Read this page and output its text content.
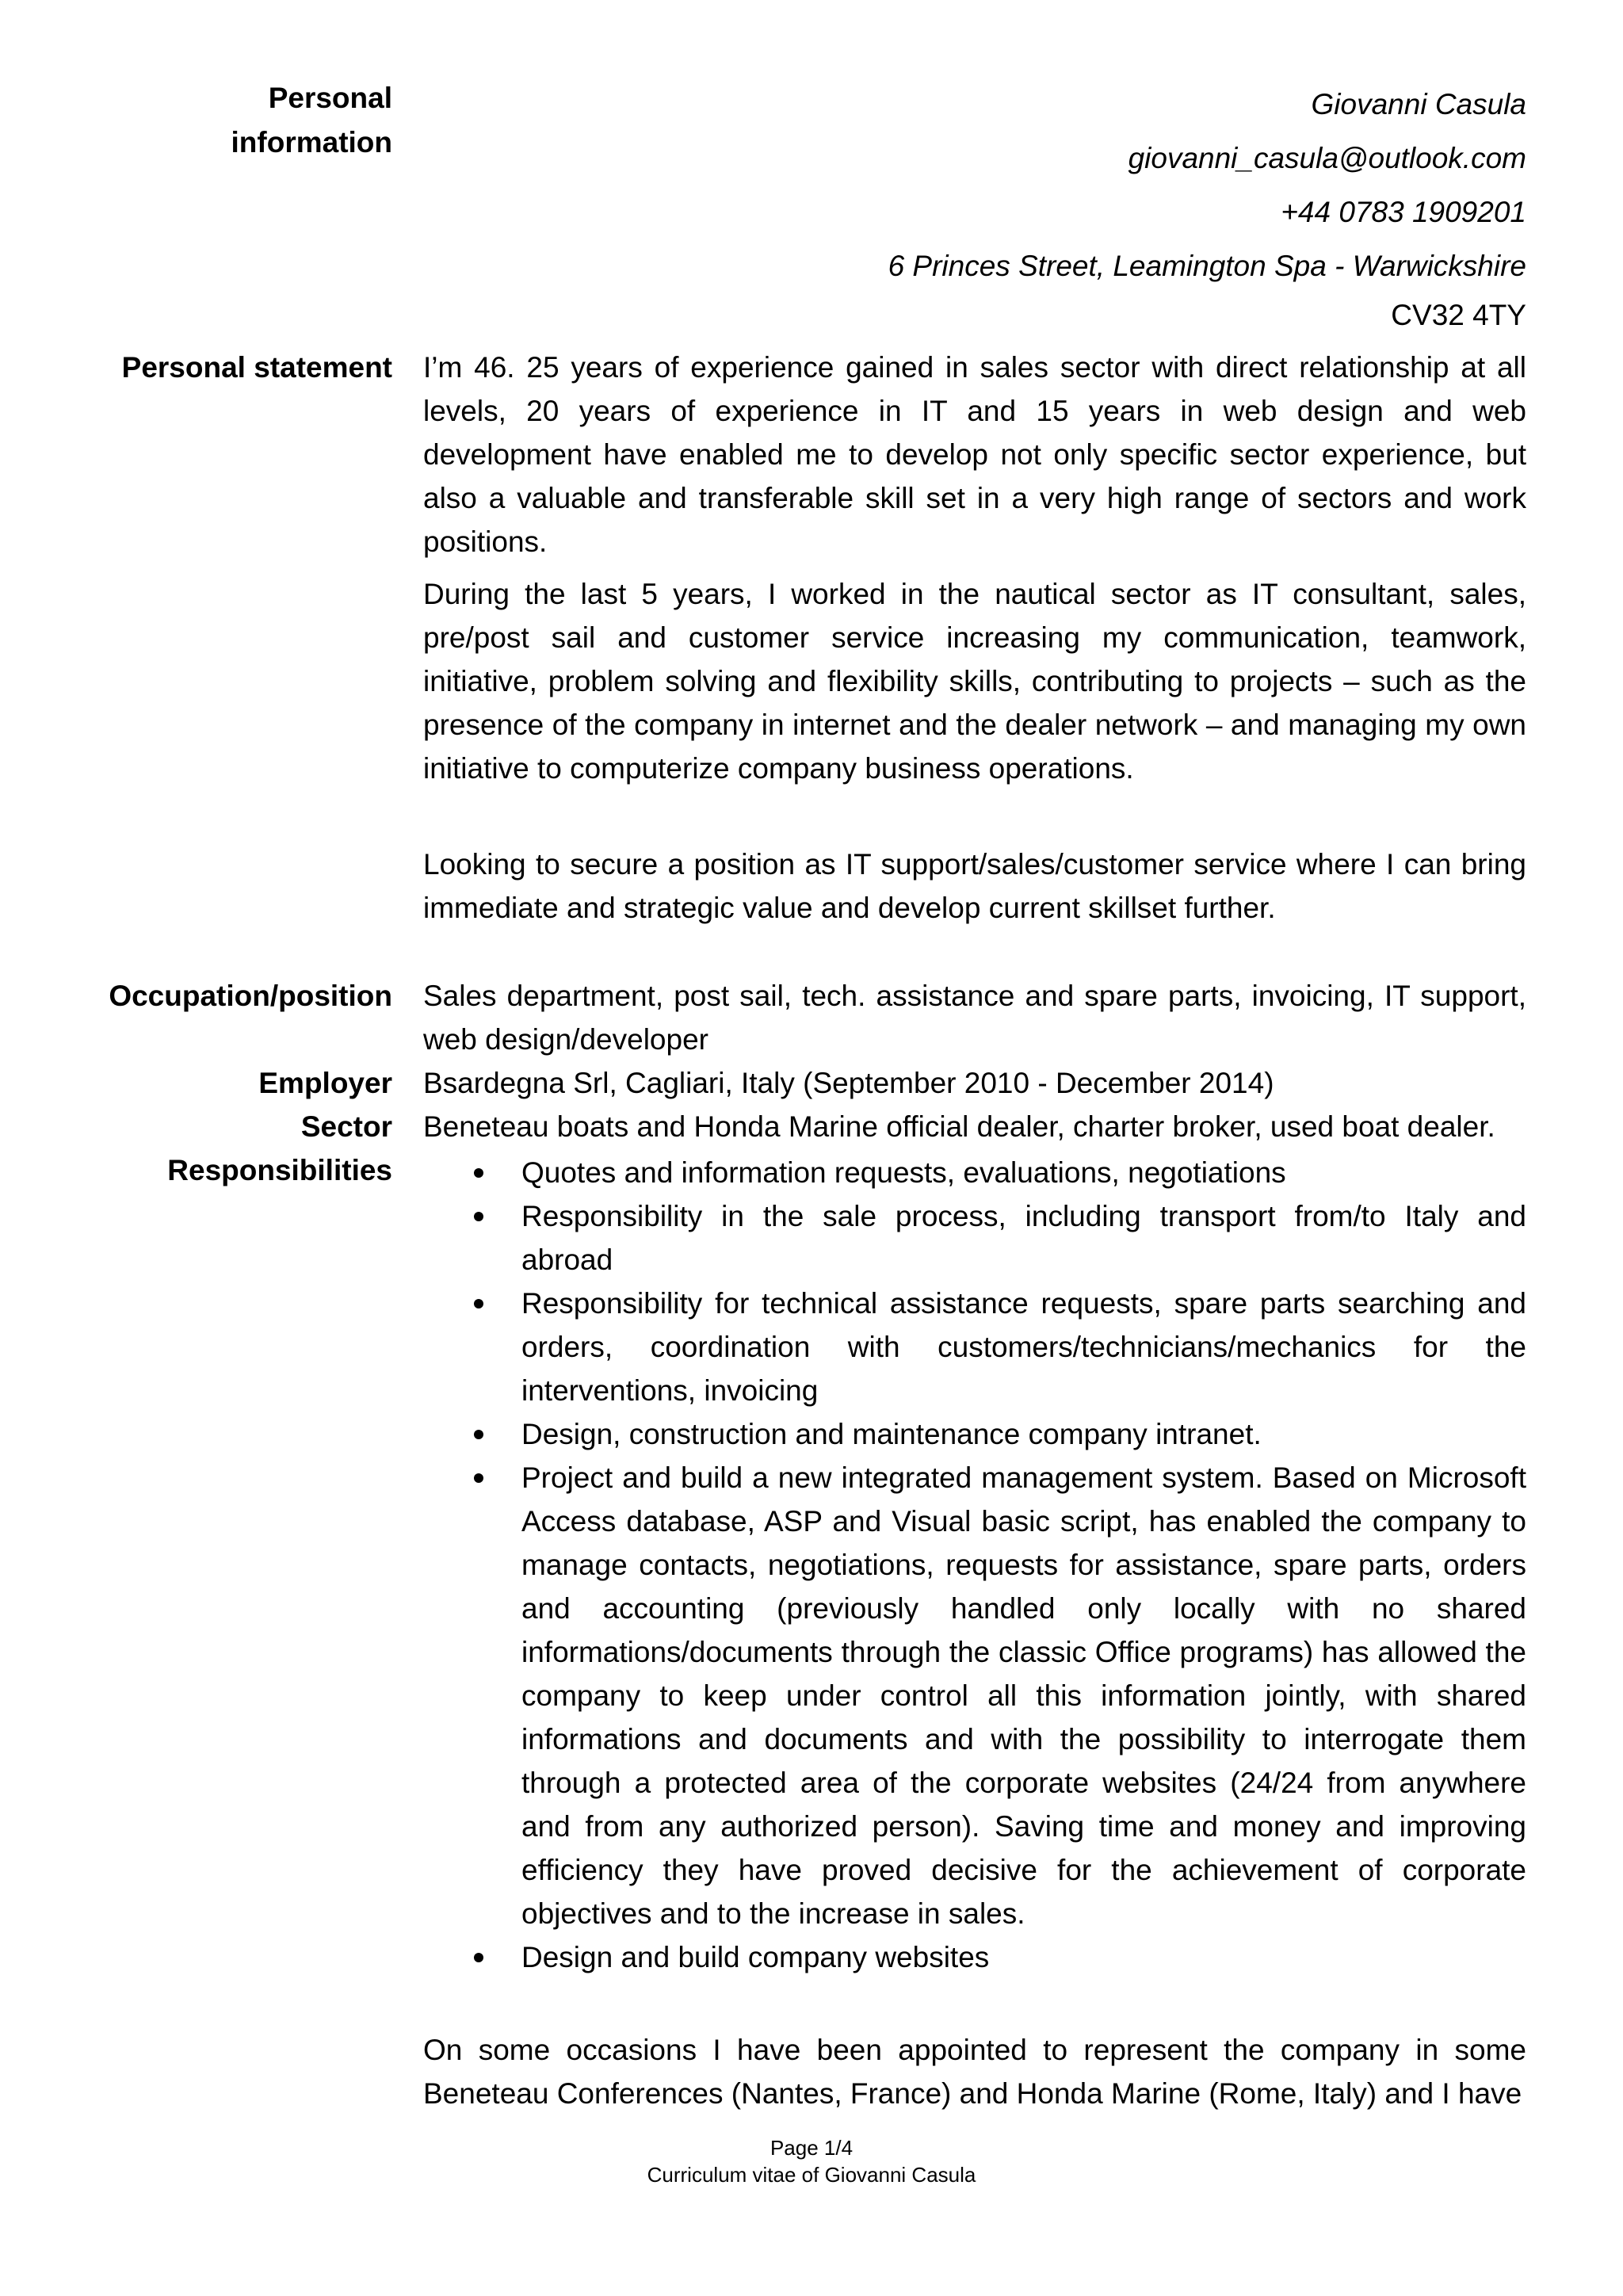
Personal
information
Giovanni Casula
giovanni_casula@outlook.com
+44 0783 1909201
6 Princes Street, Leamington Spa - Warwickshire
CV32 4TY
Personal statement I’m 46. 25 years of experience gained in sales sector with direct relationship at all levels, 20 years of experience in IT and 15 years in web design and web development have enabled me to develop not only specific sector experience, but also a valuable and transferable skill set in a very high range of sectors and work positions.

During the last 5 years, I worked in the nautical sector as IT consultant, sales, pre/post sail and customer service increasing my communication, teamwork, initiative, problem solving and flexibility skills, contributing to projects – such as the presence of the company in internet and the dealer network – and managing my own initiative to computerize company business operations.

Looking to secure a position as IT support/sales/customer service where I can bring immediate and strategic value and develop current skillset further.

Occupation/position Sales department, post sail, tech. assistance and spare parts, invoicing, IT support, web design/developer
Employer Bsardegna Srl, Cagliari, Italy (September 2010 - December 2014)
Sector Beneteau boats and Honda Marine official dealer, charter broker, used boat dealer.
Responsibilities	Quotes and information requests, evaluations, negotiations
Responsibility in the sale process, including transport from/to Italy and abroad
Responsibility for technical assistance requests, spare parts searching and orders, coordination with customers/technicians/mechanics for the interventions, invoicing
Design, construction and maintenance company intranet.
Project and build a new integrated management system. Based on Microsoft Access database, ASP and Visual basic script, has enabled the company to manage contacts, negotiations, requests for assistance, spare parts, orders and accounting (previously handled only locally with no shared informations/documents through the classic Office programs) has allowed the company to keep under control all this information jointly, with shared informations and documents and with the possibility to interrogate them through a protected area of the corporate websites (24/24 from anywhere and from any authorized person). Saving time and money and improving efficiency they have proved decisive for the achievement of corporate objectives and to the increase in sales.
Design and build company websites
On some occasions I have been appointed to represent the company in some Beneteau Conferences (Nantes, France) and Honda Marine (Rome, Italy) and I have
Page 1/4
Curriculum vitae of Giovanni Casula
